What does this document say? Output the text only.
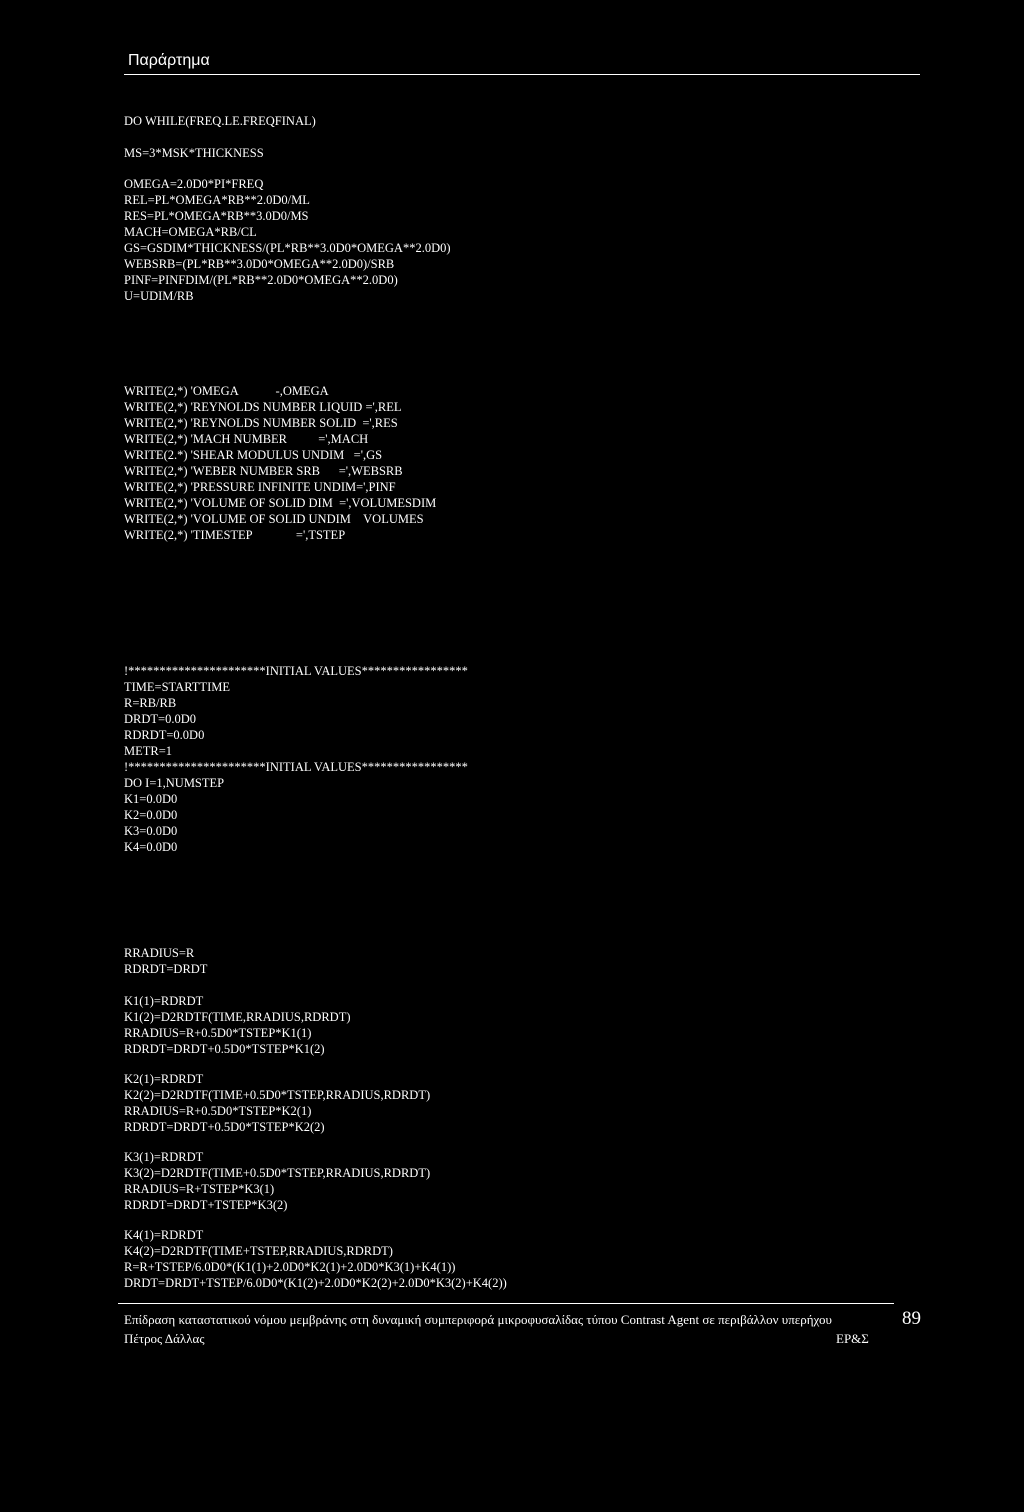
Παράρτημα
DO WHILE(FREQ.LE.FREQFINAL)
MS=3*MSK*THICKNESS
OMEGA=2.0D0*PI*FREQ
REL=PL*OMEGA*RB**2.0D0/ML
RES=PL*OMEGA*RB**3.0D0/MS
MACH=OMEGA*RB/CL
GS=GSDIM*THICKNESS/(PL*RB**3.0D0*OMEGA**2.0D0)
WEBSRB=(PL*RB**3.0D0*OMEGA**2.0D0)/SRB
PINF=PINFDIM/(PL*RB**2.0D0*OMEGA**2.0D0)
U=UDIM/RB
WRITE(2,*) 'OMEGA            -,OMEGA
WRITE(2,*) 'REYNOLDS NUMBER LIQUID =',REL
WRITE(2,*) 'REYNOLDS NUMBER SOLID  =',RES
WRITE(2,*) 'MACH NUMBER          =',MACH
WRITE(2.*) 'SHEAR MODULUS UNDIM   =',GS
WRITE(2,*) 'WEBER NUMBER SRB      =',WEBSRB
WRITE(2,*) 'PRESSURE INFINITE UNDIM=',PINF
WRITE(2,*) 'VOLUME OF SOLID DIM  =',VOLUMESDIM
WRITE(2,*) 'VOLUME OF SOLID UNDIM    VOLUMES
WRITE(2,*) 'TIMESTEP              =',TSTEP
!**********************INITIAL VALUES*****************
TIME=STARTTIME
R=RB/RB
DRDT=0.0D0
RDRDT=0.0D0
METR=1
!**********************INITIAL VALUES*****************
DO I=1,NUMSTEP
K1=0.0D0
K2=0.0D0
K3=0.0D0
K4=0.0D0
RRADIUS=R
RDRDT=DRDT
K1(1)=RDRDT
K1(2)=D2RDTF(TIME,RRADIUS,RDRDT)
RRADIUS=R+0.5D0*TSTEP*K1(1)
RDRDT=DRDT+0.5D0*TSTEP*K1(2)
K2(1)=RDRDT
K2(2)=D2RDTF(TIME+0.5D0*TSTEP,RRADIUS,RDRDT)
RRADIUS=R+0.5D0*TSTEP*K2(1)
RDRDT=DRDT+0.5D0*TSTEP*K2(2)
K3(1)=RDRDT
K3(2)=D2RDTF(TIME+0.5D0*TSTEP,RRADIUS,RDRDT)
RRADIUS=R+TSTEP*K3(1)
RDRDT=DRDT+TSTEP*K3(2)
K4(1)=RDRDT
K4(2)=D2RDTF(TIME+TSTEP,RRADIUS,RDRDT)
R=R+TSTEP/6.0D0*(K1(1)+2.0D0*K2(1)+2.0D0*K3(1)+K4(1))
DRDT=DRDT+TSTEP/6.0D0*(K1(2)+2.0D0*K2(2)+2.0D0*K3(2)+K4(2))
Επίδραση καταστατικού νόμου μεμβράνης στη δυναμική συμπεριφορά μικροφυσαλίδας τύπου Contrast Agent σε περιβάλλον υπερήχου
Πέτρος Δάλλας	ΕΡ&Σ
89
